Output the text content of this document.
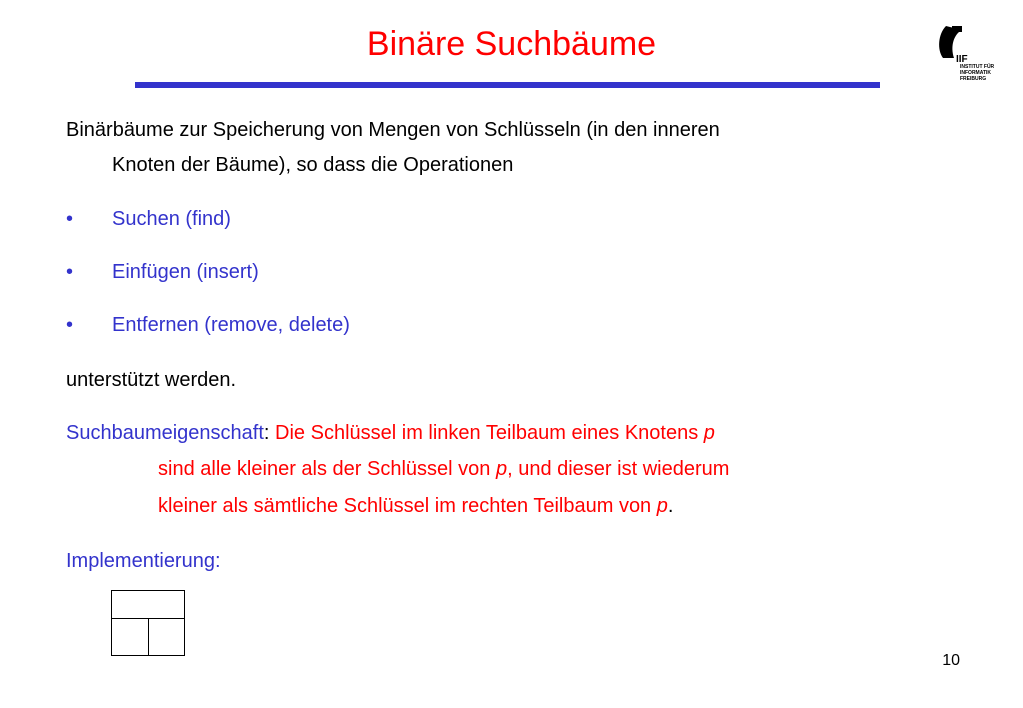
Binäre Suchbäume	IIF
INSTITUT FÜR
INFORMATIK
FREIBURG
Binärbäume zur Speicherung von Mengen von Schlüsseln (in den inneren
Knoten der Bäume), so dass die Operationen
• Suchen (find)
• Einfügen (insert)
• Entfernen (remove, delete)
unterstützt werden.
Suchbaumeigenschaft: Die Schlüssel im linken Teilbaum eines Knotens p
sind alle kleiner als der Schlüssel von p, und dieser ist wiederum
kleiner als sämtliche Schlüssel im rechten Teilbaum von p.
Implementierung:
10
